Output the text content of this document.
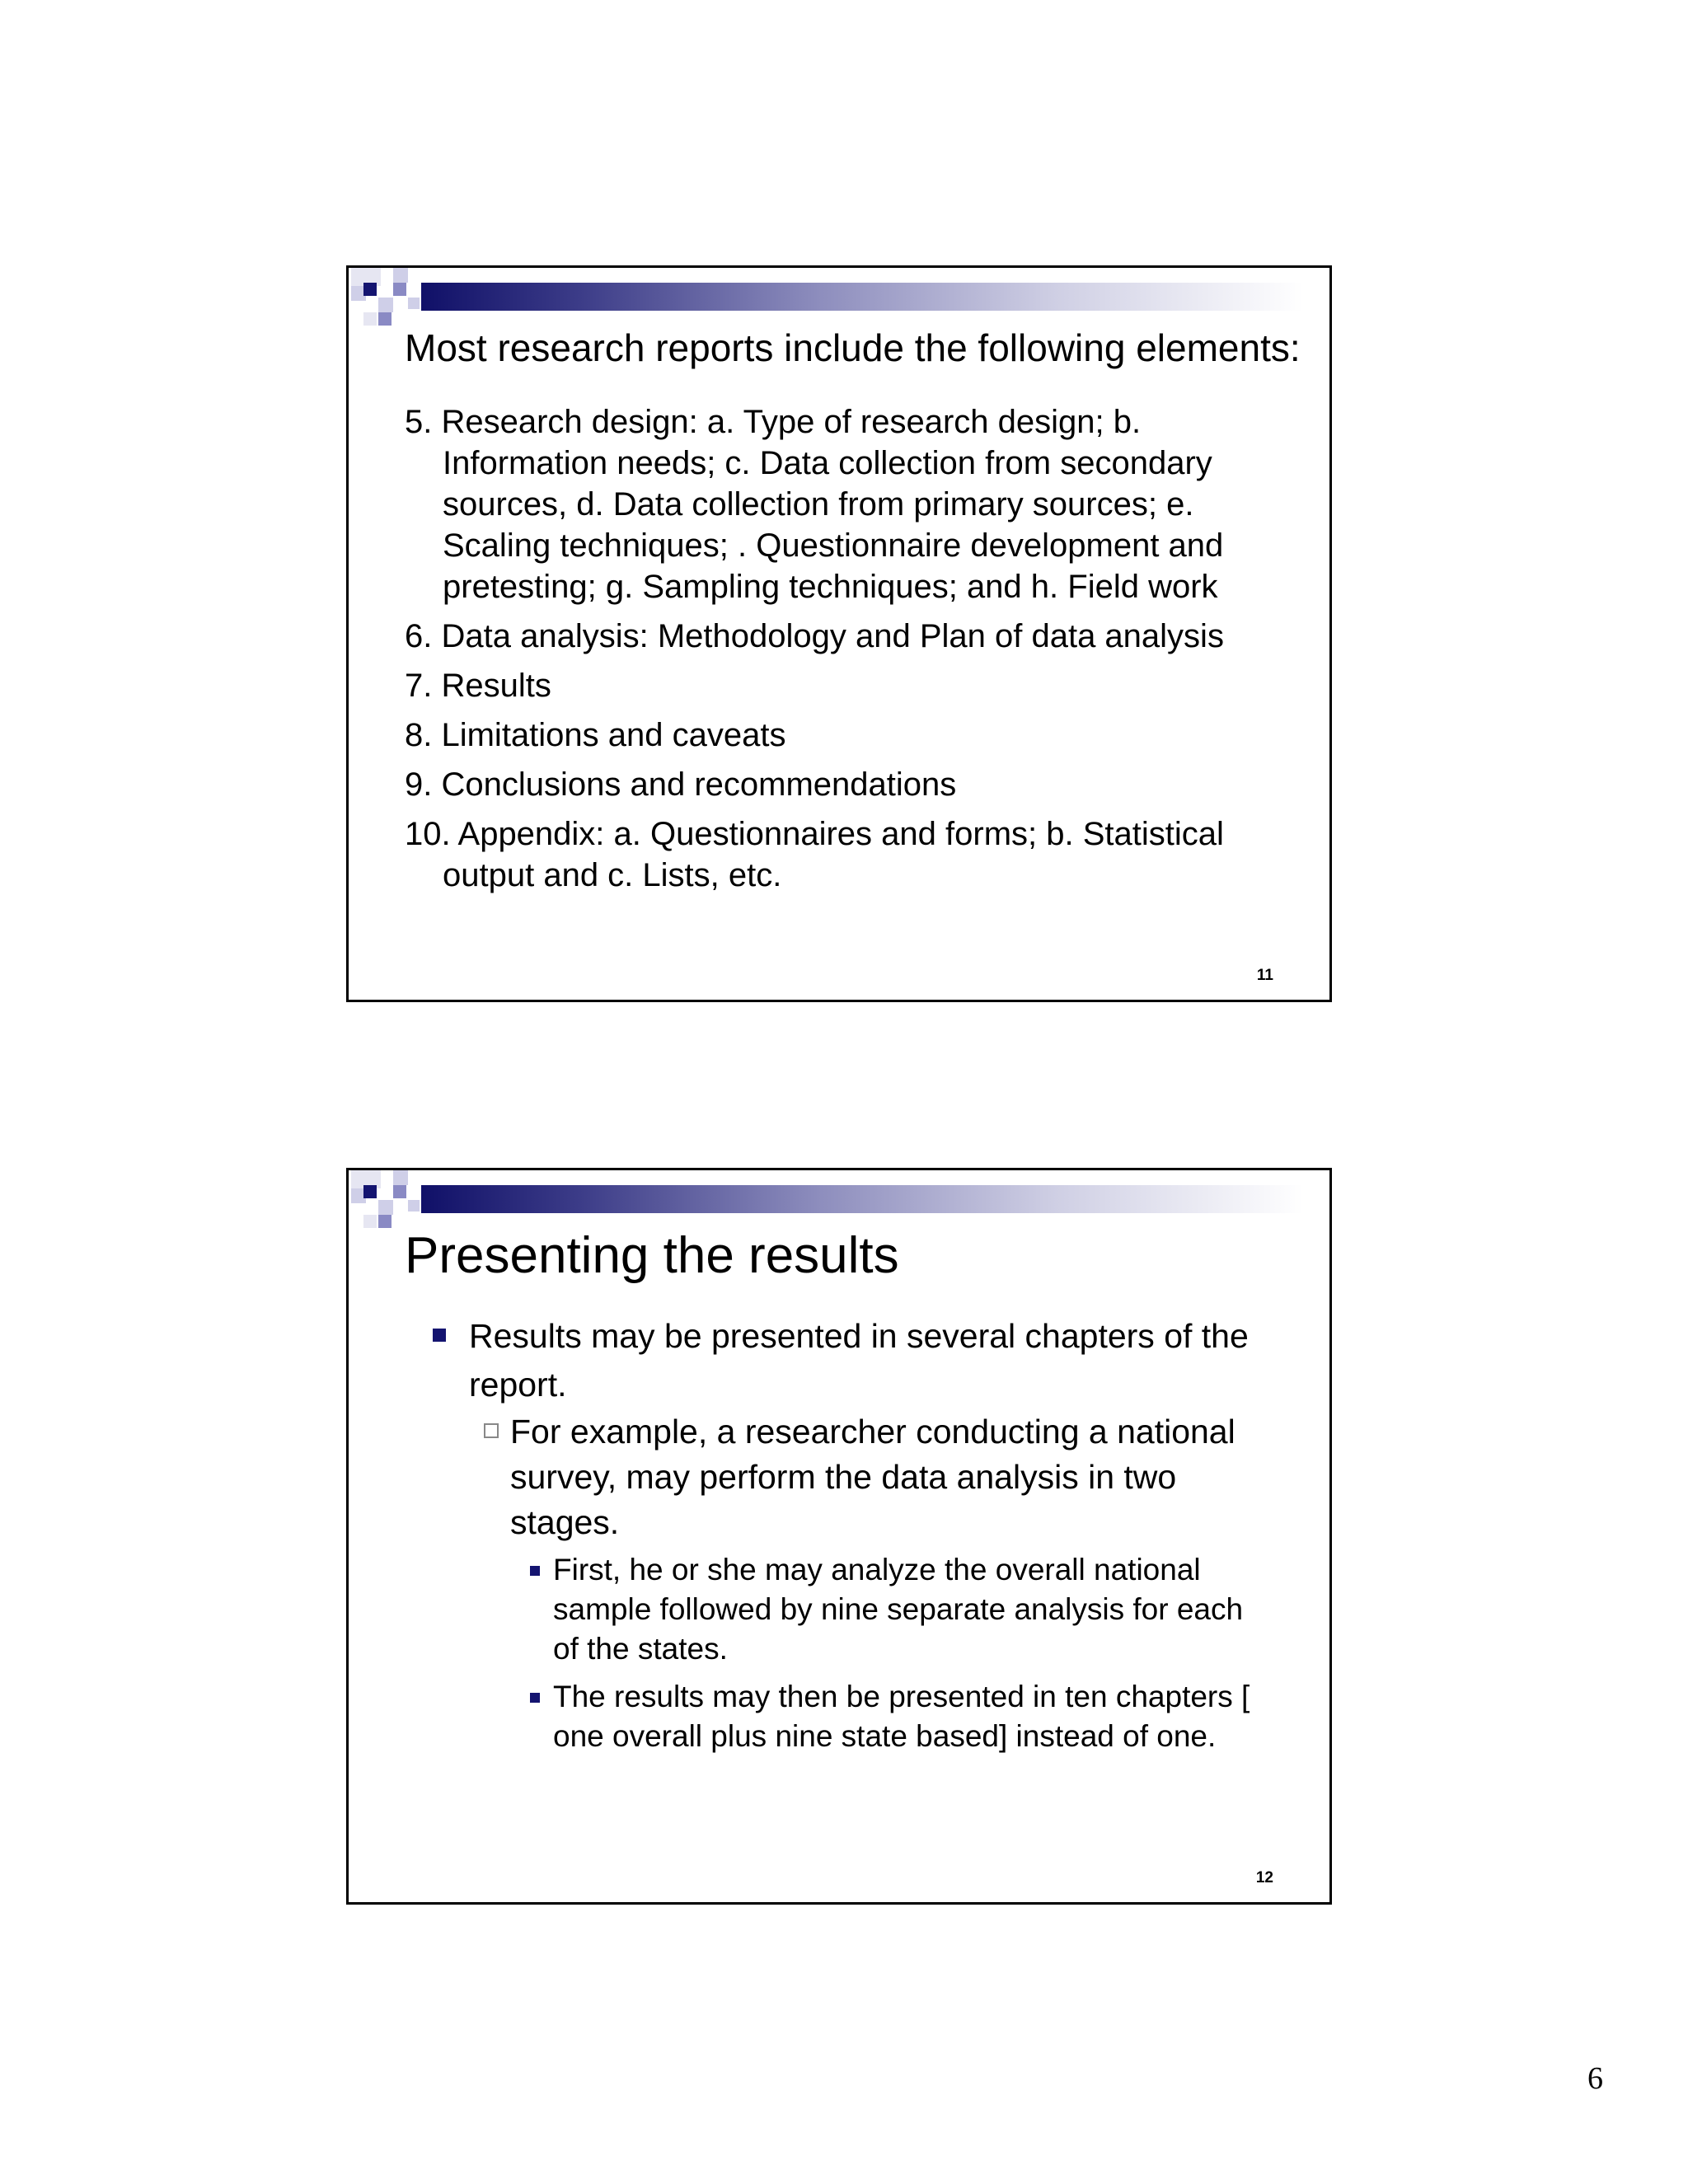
Most research reports include the following elements:
5. Research design: a. Type of research design; b. Information needs; c. Data collection from secondary sources, d. Data collection from primary sources; e. Scaling techniques; . Questionnaire development and pretesting; g. Sampling techniques; and h. Field work
6. Data analysis: Methodology and Plan of data analysis
7. Results
8. Limitations and caveats
9. Conclusions and recommendations
10. Appendix: a. Questionnaires and forms; b. Statistical output and c. Lists, etc.
11
Presenting the results
Results may be presented in several chapters of the report.
For example, a researcher conducting a national survey, may perform the data analysis in two stages.
First, he or she may analyze the overall national sample followed by nine separate analysis for each of the states.
The results may then be presented in ten chapters [ one overall plus nine state based] instead of one.
12
6
